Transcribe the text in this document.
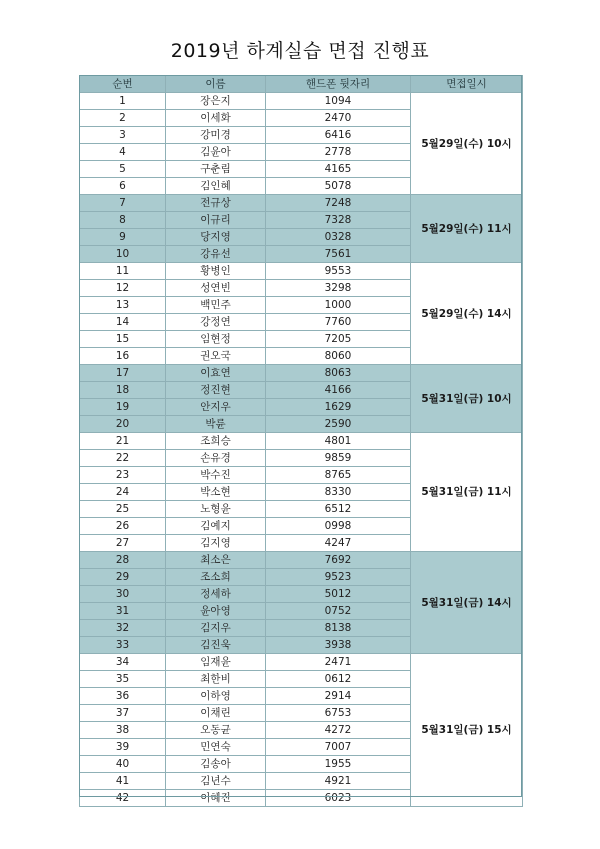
2019년 하계실습 면접 진행표
순번	이름	핸드폰 뒷자리	면접일시
1	장은지	1094	5월29일(수) 10시
2	이세화	2470	
3	강미경	6416	
4	김윤아	2778	
5	구춘림	4165	
6	김인혜	5078	
7	전규상	7248	5월29일(수) 11시
8	이규리	7328	
9	당지영	0328	
10	강유선	7561	
11	황병인	9553	5월29일(수) 14시
12	성연빈	3298	
13	백민주	1000	
14	강정연	7760	
15	임현정	7205	
16	권오국	8060	
17	이효연	8063	5월31일(금) 10시
18	정진현	4166	
19	안지우	1629	
20	박륜	2590	
21	조희승	4801	5월31일(금) 11시
22	손유경	9859	
23	박수진	8765	
24	박소현	8330	
25	노형윤	6512	
26	김예지	0998	
27	김지영	4247	
28	최소은	7692	5월31일(금) 14시
29	조소희	9523	
30	정세하	5012	
31	윤아영	0752	
32	김지우	8138	
33	김진욱	3938	
34	임재윤	2471	5월31일(금) 15시
35	최한비	0612	
36	이하영	2914	
37	이채린	6753	
38	오동균	4272	
39	민연숙	7007	
40	김송아	1955	
41	김년수	4921	
42	이혜진	6023	
